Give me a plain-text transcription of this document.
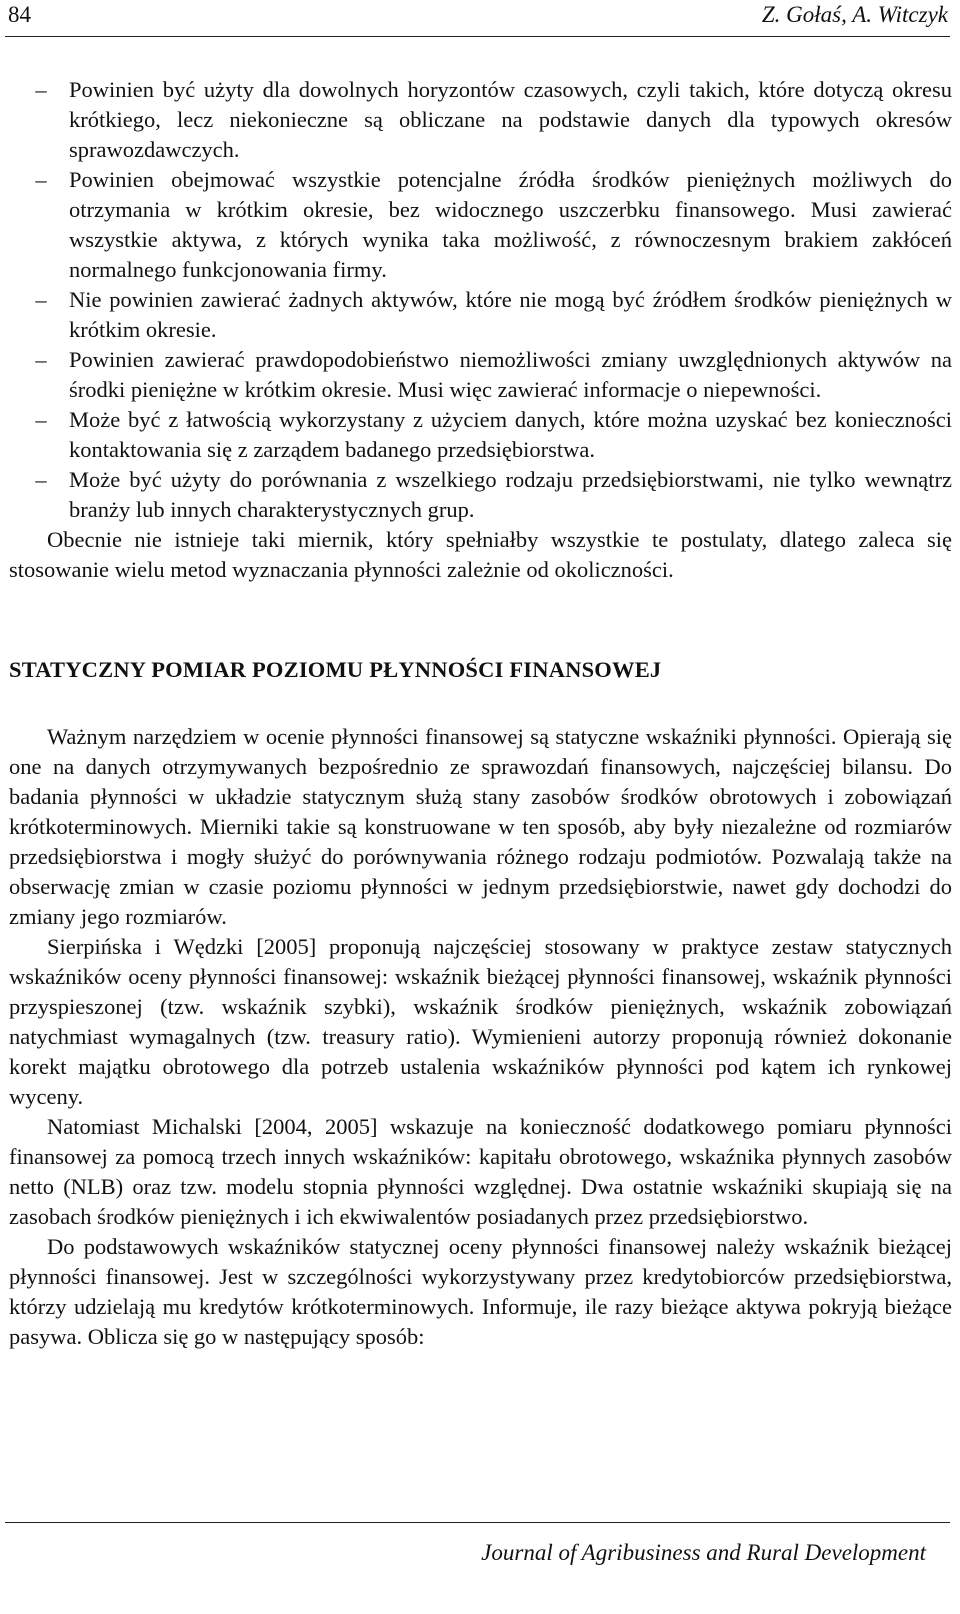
84	Z. Gołaś, A. Witczyk
– Powinien być użyty dla dowolnych horyzontów czasowych, czyli takich, które dotyczą okresu krótkiego, lecz niekonieczne są obliczane na podstawie danych dla typowych okresów sprawozdawczych.
– Powinien obejmować wszystkie potencjalne źródła środków pieniężnych możliwych do otrzymania w krótkim okresie, bez widocznego uszczerbku finansowego. Musi zawierać wszystkie aktywa, z których wynika taka możliwość, z równoczesnym brakiem zakłóceń normalnego funkcjonowania firmy.
– Nie powinien zawierać żadnych aktywów, które nie mogą być źródłem środków pieniężnych w krótkim okresie.
– Powinien zawierać prawdopodobieństwo niemożliwości zmiany uwzględnionych aktywów na środki pieniężne w krótkim okresie. Musi więc zawierać informacje o niepewności.
– Może być z łatwością wykorzystany z użyciem danych, które można uzyskać bez konieczności kontaktowania się z zarządem badanego przedsiębiorstwa.
– Może być użyty do porównania z wszelkiego rodzaju przedsiębiorstwami, nie tylko wewnątrz branży lub innych charakterystycznych grup.

Obecnie nie istnieje taki miernik, który spełniałby wszystkie te postulaty, dlatego zaleca się stosowanie wielu metod wyznaczania płynności zależnie od okoliczności.

STATYCZNY POMIAR POZIOMU PŁYNNOŚCI FINANSOWEJ

Ważnym narzędziem w ocenie płynności finansowej są statyczne wskaźniki płynności. Opierają się one na danych otrzymywanych bezpośrednio ze sprawozdań finansowych, najczęściej bilansu. Do badania płynności w układzie statycznym służą stany zasobów środków obrotowych i zobowiązań krótkoterminowych. Mierniki takie są konstruowane w ten sposób, aby były niezależne od rozmiarów przedsiębiorstwa i mogły służyć do porównywania różnego rodzaju podmiotów. Pozwalają także na obserwację zmian w czasie poziomu płynności w jednym przedsiębiorstwie, nawet gdy dochodzi do zmiany jego rozmiarów.

Sierpińska i Wędzki [2005] proponują najczęściej stosowany w praktyce zestaw statycznych wskaźników oceny płynności finansowej: wskaźnik bieżącej płynności finansowej, wskaźnik płynności przyspieszonej (tzw. wskaźnik szybki), wskaźnik środków pieniężnych, wskaźnik zobowiązań natychmiast wymagalnych (tzw. treasury ratio). Wymienieni autorzy proponują również dokonanie korekt majątku obrotowego dla potrzeb ustalenia wskaźników płynności pod kątem ich rynkowej wyceny.

Natomiast Michalski [2004, 2005] wskazuje na konieczność dodatkowego pomiaru płynności finansowej za pomocą trzech innych wskaźników: kapitału obrotowego, wskaźnika płynnych zasobów netto (NLB) oraz tzw. modelu stopnia płynności względnej. Dwa ostatnie wskaźniki skupiają się na zasobach środków pieniężnych i ich ekwiwalentów posiadanych przez przedsiębiorstwo.

Do podstawowych wskaźników statycznej oceny płynności finansowej należy wskaźnik bieżącej płynności finansowej. Jest w szczególności wykorzystywany przez kredytobiorców przedsiębiorstwa, którzy udzielają mu kredytów krótkoterminowych. Informuje, ile razy bieżące aktywa pokryją bieżące pasywa. Oblicza się go w następujący sposób:

Journal of Agribusiness and Rural Development
